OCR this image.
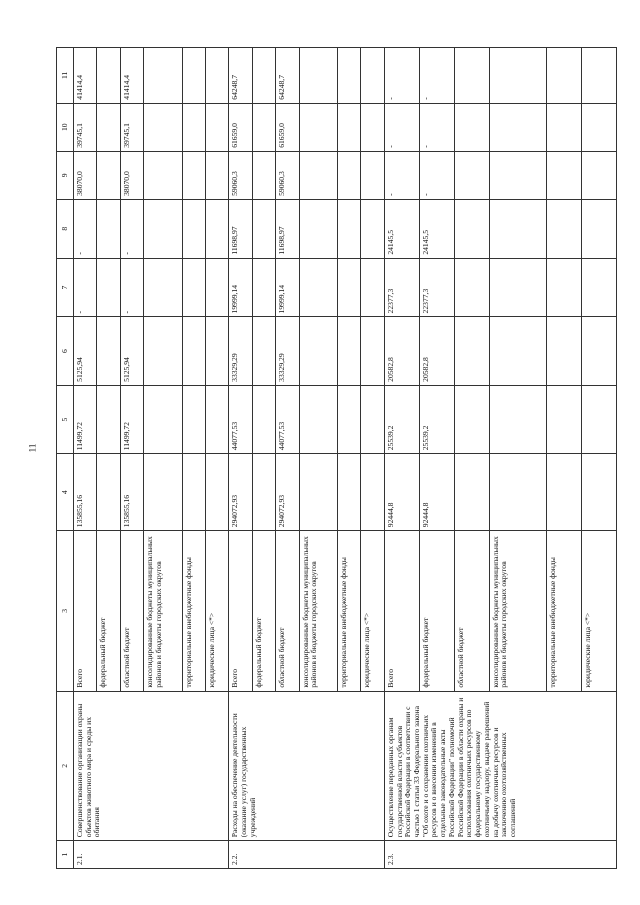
11
1	2	3	4	5	6	7	8	9	10	11
2.1.	Совершенствование организации охраны объектов животного мира и среды их обитания	Всего	135855,16	11499,72	5125,94	-	-	38070,0	39745,1	41414,4
		федеральный бюджет								
		областной бюджет	135855,16	11499,72	5125,94	-	-	38070,0	39745,1	41414,4
		консолидированные бюджеты муниципальных районов и бюджеты городских округов								
		территориальные внебюджетные фонды								
		юридические лица <*>								
2.2.	Расходы на обеспечение деятельности (оказание услуг) государственных учреждений	Всего	294072,93	44077,53	33329,29	19999,14	11698,97	59060,3	61659,0	64248,7
		федеральный бюджет								
		областной бюджет	294072,93	44077,53	33329,29	19999,14	11698,97	59060,3	61659,0	64248,7
		консолидированные бюджеты муниципальных районов и бюджеты городских округов								
		территориальные внебюджетные фонды								
		юридические лица <*>								
2.3.	Осуществление переданных органам государственной власти субъектов Российской Федерации в соответствии с частью 1 статьи 33 Федерального закона "Об охоте и о сохранении охотничьих ресурсов и о внесении изменений в отдельные законодательные акты Российской Федерации" полномочий Российской Федерации в области охраны и использования охотничьих ресурсов по федеральному государственному охотничьему надзору, выдаче разрешений на добычу охотничьих ресурсов и заключению охотхозяйственных соглашений	Всего	92444,8	25539,2	20582,8	22377,3	24145,5	-	-	-
		федеральный бюджет	92444,8	25539,2	20582,8	22377,3	24145,5	-	-	-
		областной бюджет								
		консолидированные бюджеты муниципальных районов и бюджеты городских округов								
		территориальные внебюджетные фонды								
		юридические лица <*>								
